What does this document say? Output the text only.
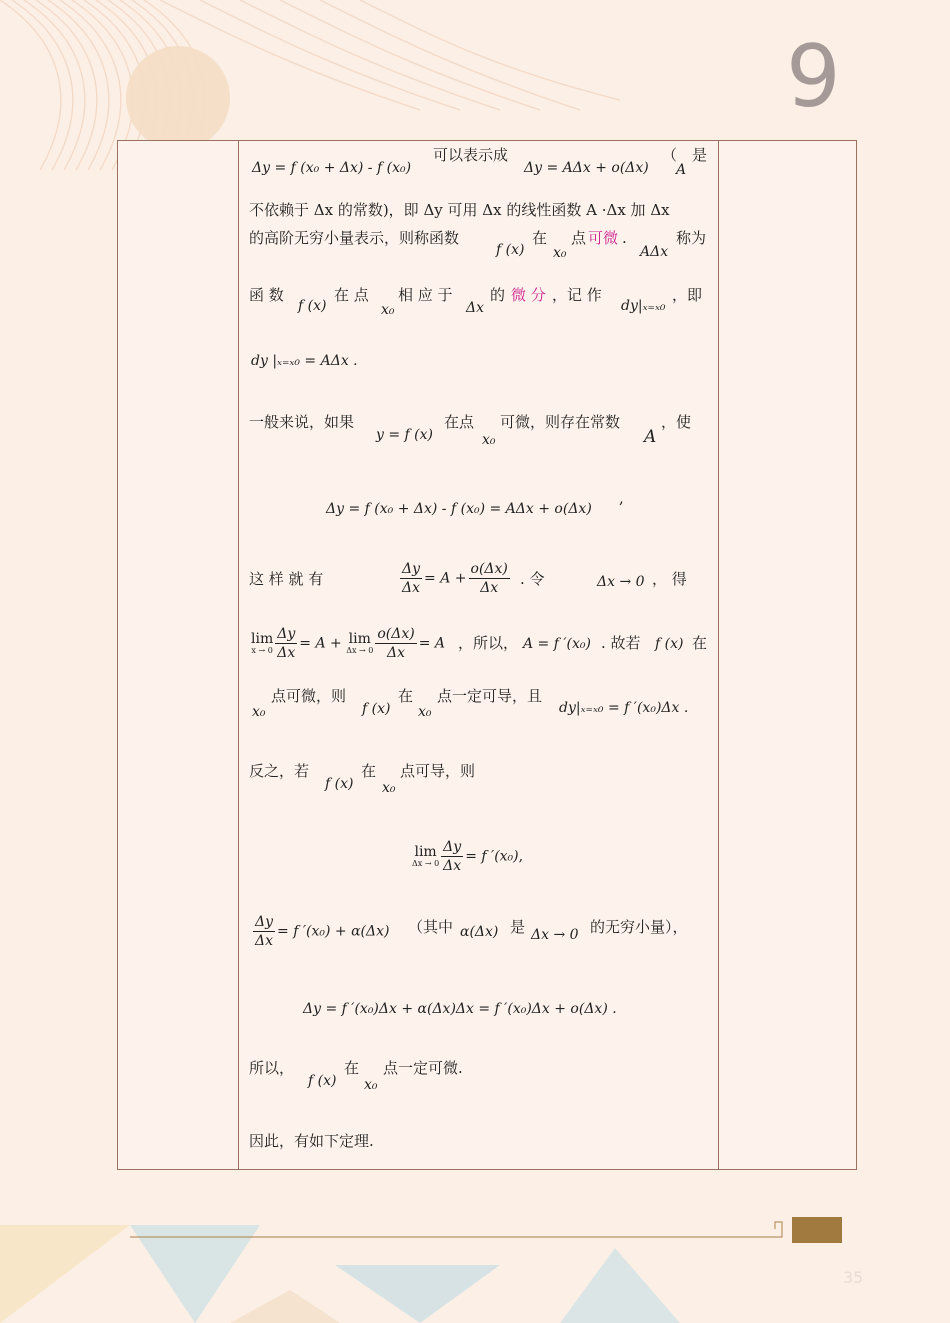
9
Δy = f (x₀ + Δx) - f (x₀)
可以表示成
Δy = AΔx + o(Δx)
（
A
是
不依赖于 Δx 的常数)，即 Δy 可用 Δx 的线性函数 A ·Δx 加 Δx
的高阶无穷小量表示，则称函数
f (x)
在
x₀
点 可微 .
AΔx
称为
函 数
f (x)
在 点
x₀
相 应 于
Δx
的 微 分 ，记 作
dy|ₓ₌ₓ₀
，即
dy |ₓ₌ₓ₀ = AΔx .
一般来说，如果
y = f (x)
在点
x₀
可微，则存在常数
A
，使
Δy = f (x₀ + Δx) - f (x₀) = AΔx + o(Δx)
,
这 样 就 有	$\frac{\Delta y}{\Delta x} = A + \frac{o(\Delta x)}{\Delta x}$ . 令	Δx → 0 ， 得
lim
$x \to 0 \frac{\Delta y}{\Delta x} = A + \lim$
$\Delta x \to 0 \frac{o(\Delta x)}{\Delta x} = A$ ，所以， A = f ′(x₀) . 故若 f (x) 在
x₀
点可微，则
f (x)
在
x₀
点一定可导，且
dy|ₓ₌ₓ₀ = f ′(x₀)Δx .
反之，若
f (x)
在
x₀
点可导，则
lim
$\Delta x \to 0 \frac{\Delta y}{\Delta x} = f$ ′(x₀),
$\frac{\Delta y}{\Delta x} = f$ ′(x₀) + α(Δx) （其中 α(Δx) 是 Δx → 0 的无穷小量），
Δy = f ′(x₀)Δx + α(Δx)Δx = f ′(x₀)Δx + o(Δx) .
所以，
f (x)
在
x₀
点一定可微.
因此，有如下定理.
35
